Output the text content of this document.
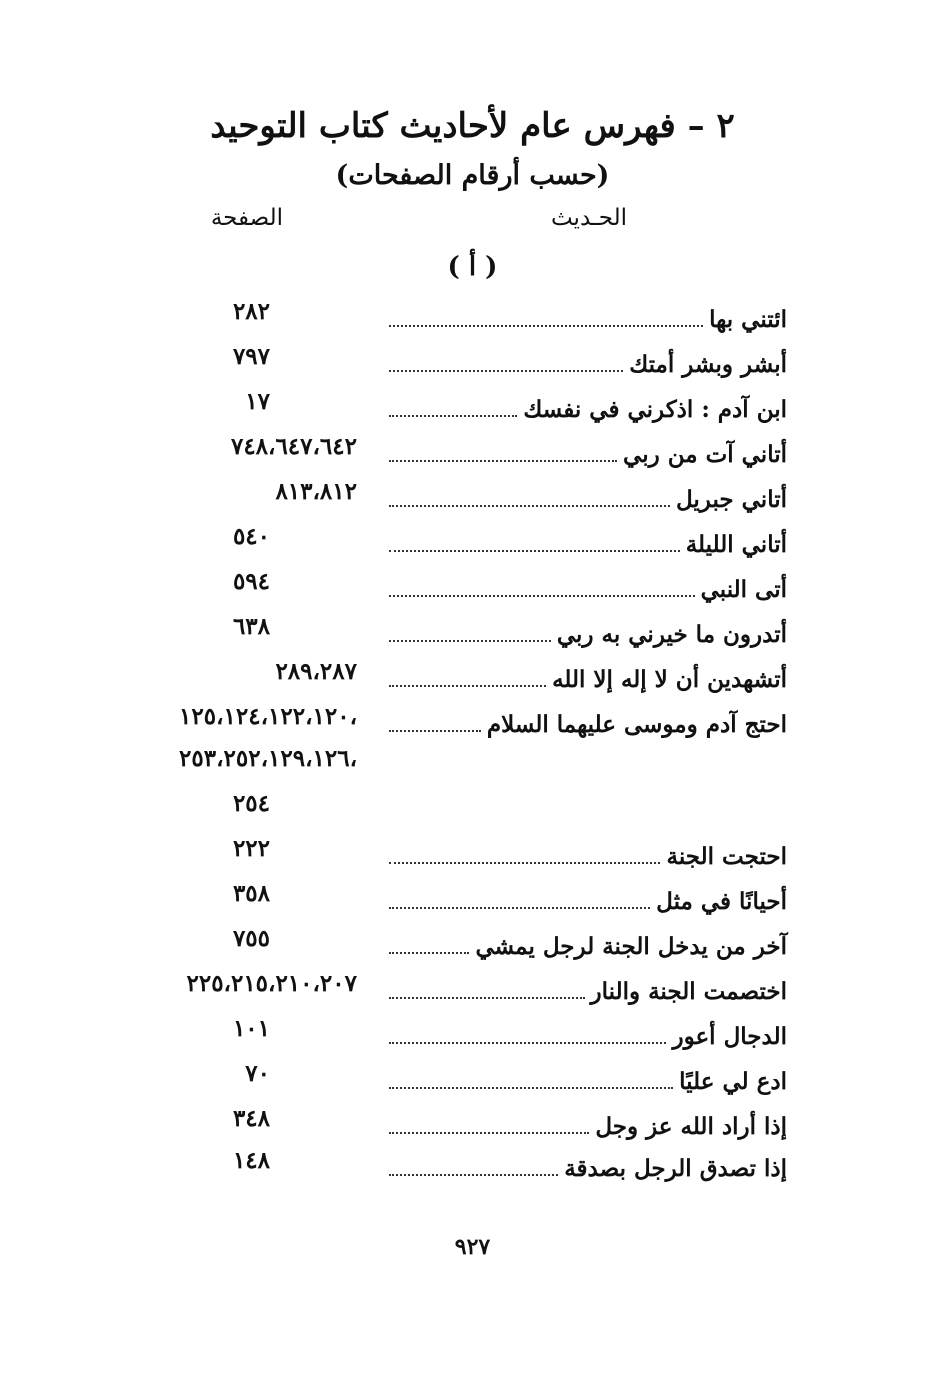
٢ – فهرس عام لأحاديث كتاب التوحيد
(حسب أرقام الصفحات)
الحـديث
الصفحة
( أ )
ائتني بها
٢٨٢
أبشر وبشر أمتك
٧٩٧
ابن آدم : اذكرني في نفسك
١٧
أتاني آت من ربي
٧٤٨،٦٤٧،٦٤٢
أتاني جبريل
٨١٣،٨١٢
أتاني الليلة
٥٤٠
أتى النبي
٥٩٤
أتدرون ما خيرني به ربي
٦٣٨
أتشهدين أن لا إله إلا الله
٢٨٩،٢٨٧
احتج آدم وموسى عليهما السلام
،١٢٥،١٢٤،١٢٢،١٢٠
،٢٥٣،٢٥٢،١٢٩،١٢٦
٢٥٤
احتجت الجنة
٢٢٢
أحيانًا في مثل
٣٥٨
آخر من يدخل الجنة لرجل يمشي
٧٥٥
اختصمت الجنة والنار
٢٢٥،٢١٥،٢١٠،٢٠٧
الدجال أعور
١٠١
ادع لي عليًا
٧٠
إذا أراد الله عز وجل
٣٤٨
إذا تصدق الرجل بصدقة
١٤٨
٩٢٧
